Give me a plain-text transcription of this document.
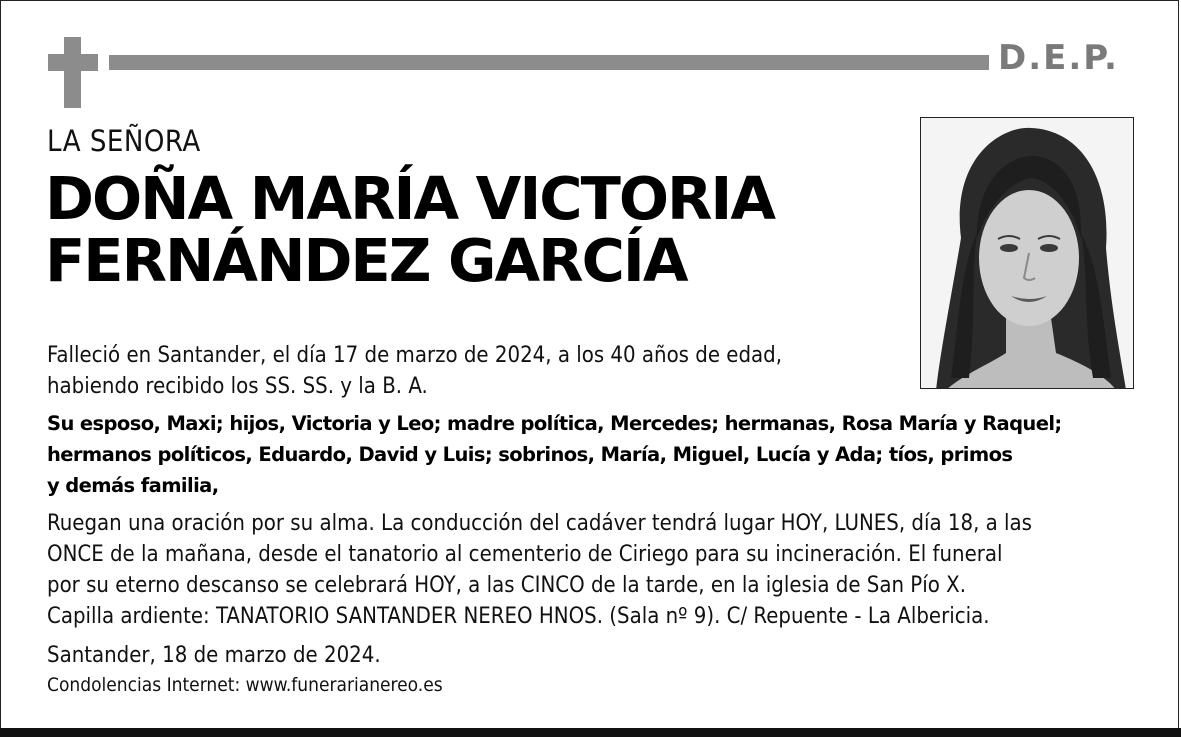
D.E.P.
LA SEÑORA
DOÑA MARÍA VICTORIA
FERNÁNDEZ GARCÍA
Falleció en Santander, el día 17 de marzo de 2024, a los 40 años de edad,
habiendo recibido los SS. SS. y la B. A.
Su esposo, Maxi; hijos, Victoria y Leo; madre política, Mercedes; hermanas, Rosa María y Raquel;
hermanos políticos, Eduardo, David y Luis; sobrinos, María, Miguel, Lucía y Ada; tíos, primos
y demás familia,
Ruegan una oración por su alma. La conducción del cadáver tendrá lugar HOY, LUNES, día 18, a las
ONCE de la mañana, desde el tanatorio al cementerio de Ciriego para su incineración. El funeral
por su eterno descanso se celebrará HOY, a las CINCO de la tarde, en la iglesia de San Pío X.
Capilla ardiente: TANATORIO SANTANDER NEREO HNOS. (Sala nº 9). C/ Repuente - La Albericia.
Santander, 18 de marzo de 2024.
Condolencias Internet: www.funerarianereo.es
